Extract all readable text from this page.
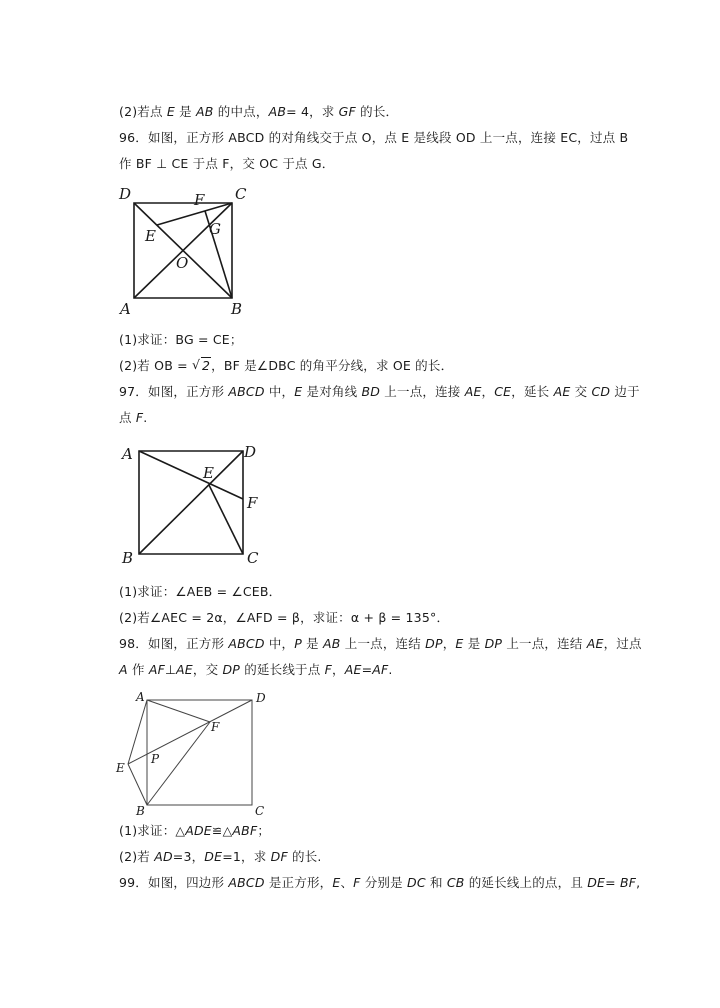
(2)若点 E 是 AB 的中点，AB= 4，求 GF 的长．
96．如图，正方形 ABCD 的对角线交于点 O，点 E 是线段 OD 上一点，连接 EC，过点 B
作 BF ⊥ CE 于点 F，交 OC 于点 G．
D	C
F
E	G
O
A	B
(1)求证：BG = CE；
(2)若 OB = √ 2，BF 是∠DBC 的角平分线，求 OE 的长．
97．如图，正方形 ABCD 中，E 是对角线 BD 上一点，连接 AE，CE，延长 AE 交 CD 边于
点 F.
A	D
E
F
B	C
(1)求证：∠AEB = ∠CEB．
(2)若∠AEC = 2α，∠AFD = β，求证：α + β = 135°．
98．如图，正方形 ABCD 中，P 是 AB 上一点，连结 DP，E 是 DP 上一点，连结 AE，过点
A 作 AF⊥AE，交 DP 的延长线于点 F，AE=AF.
A	D
F
P
E
B	C
(1)求证：△ADE≌△ABF；
(2)若 AD=3，DE=1，求 DF 的长.
99．如图，四边形 ABCD 是正方形，E、F 分别是 DC 和 CB 的延长线上的点，且 DE= BF,
